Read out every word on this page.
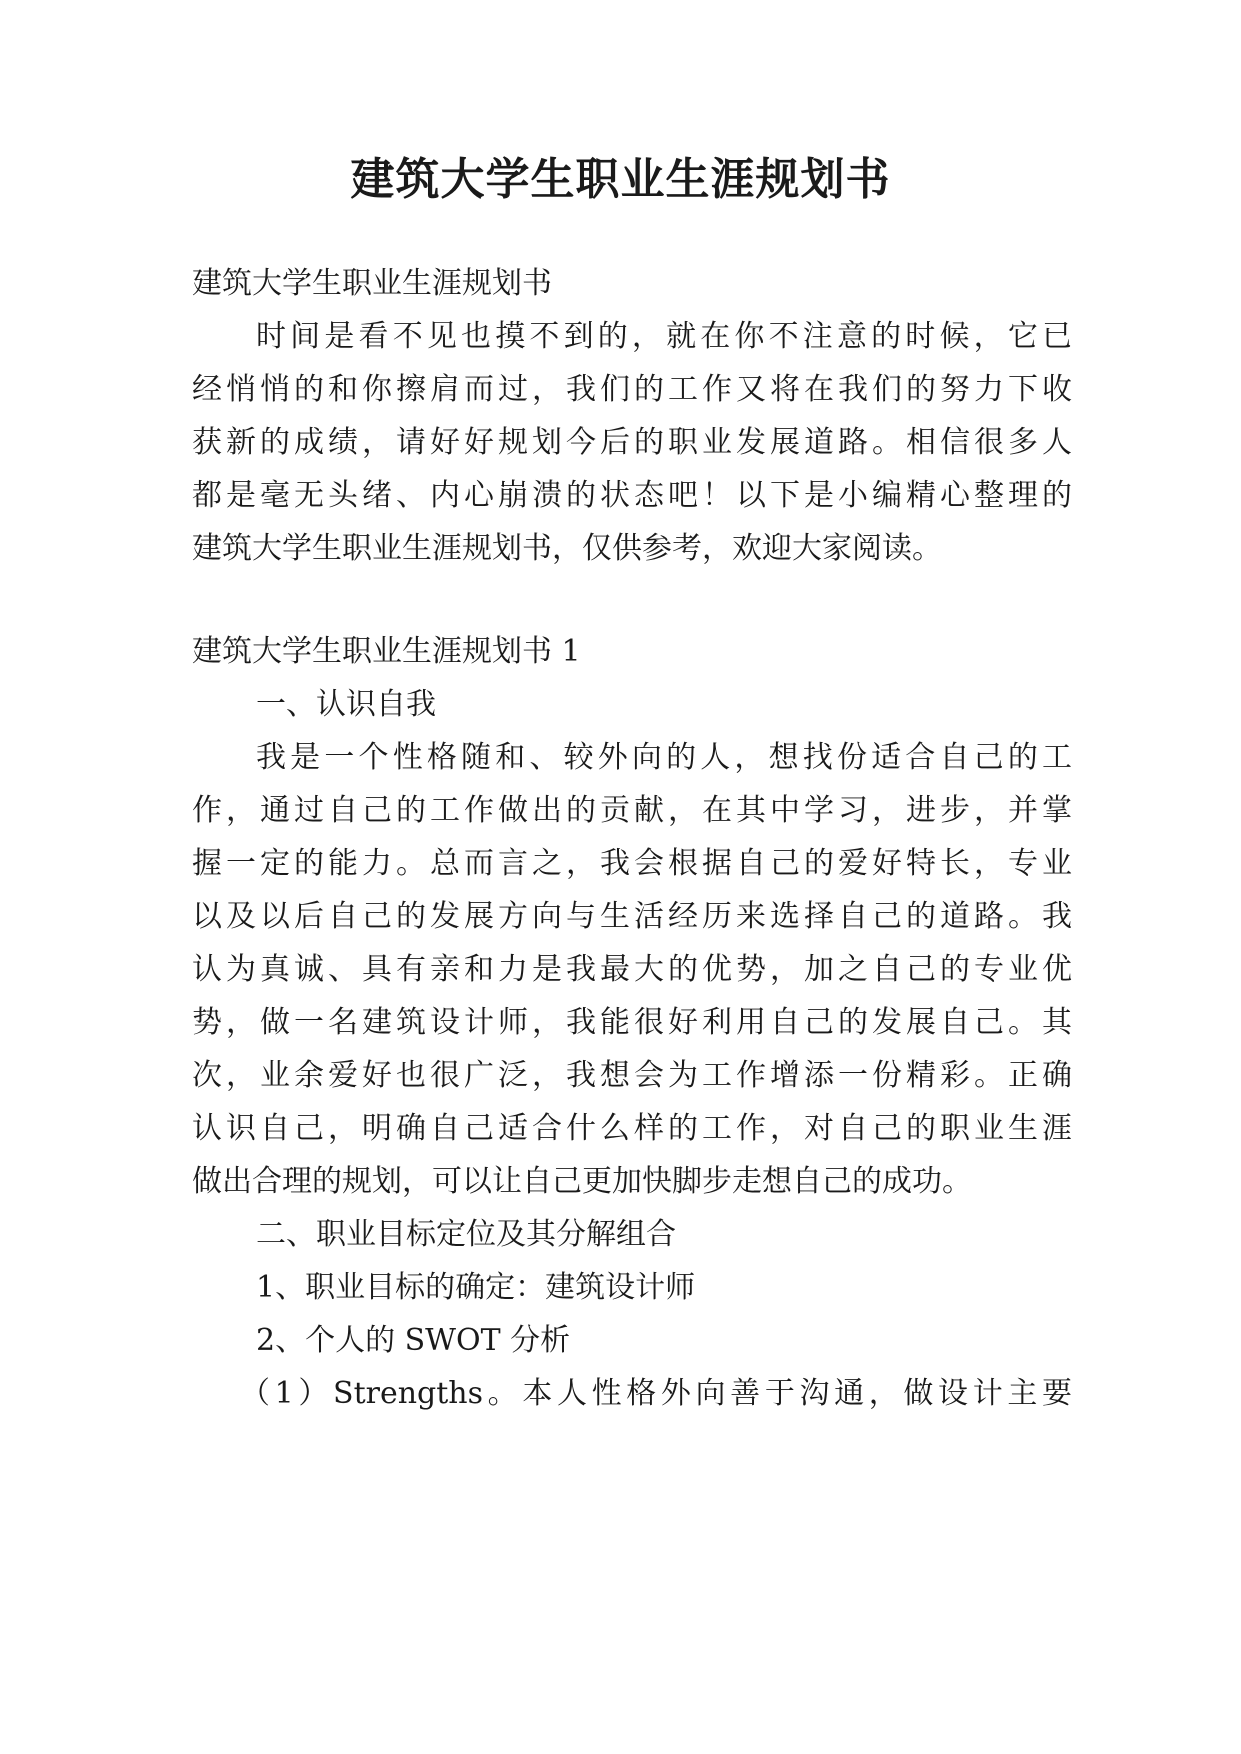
建筑大学生职业生涯规划书
建筑大学生职业生涯规划书
时间是看不见也摸不到的，就在你不注意的时候，它已
经悄悄的和你擦肩而过，我们的工作又将在我们的努力下收
获新的成绩，请好好规划今后的职业发展道路。相信很多人
都是毫无头绪、内心崩溃的状态吧！以下是小编精心整理的
建筑大学生职业生涯规划书，仅供参考，欢迎大家阅读。
建筑大学生职业生涯规划书 1
一、认识自我
我是一个性格随和、较外向的人，想找份适合自己的工
作，通过自己的工作做出的贡献，在其中学习，进步，并掌
握一定的能力。总而言之，我会根据自己的爱好特长，专业
以及以后自己的发展方向与生活经历来选择自己的道路。我
认为真诚、具有亲和力是我最大的优势，加之自己的专业优
势，做一名建筑设计师，我能很好利用自己的发展自己。其
次，业余爱好也很广泛，我想会为工作增添一份精彩。正确
认识自己，明确自己适合什么样的工作，对自己的职业生涯
做出合理的规划，可以让自己更加快脚步走想自己的成功。
二、职业目标定位及其分解组合
1、职业目标的确定：建筑设计师
2、个人的 SWOT 分析
（1）Strengths。本人性格外向善于沟通，做设计主要
